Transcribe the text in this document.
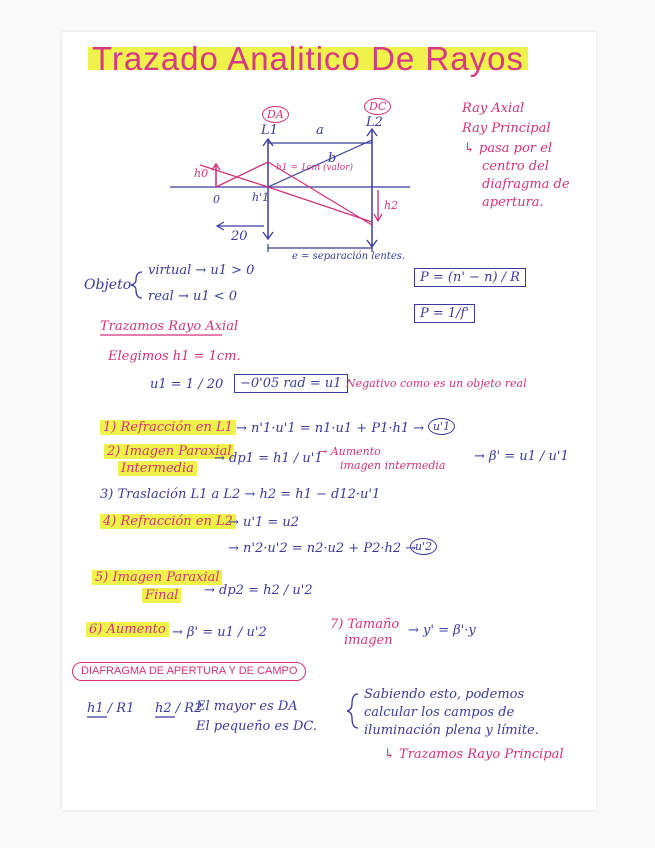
Trazado Analitico De Rayos
DA
DC
L1
L2
a
b
h0
0	h'1
h1 = 1cm (valor)
h2
20
e = separación lentes.
Ray Axial
Ray Principal
↳ pasa por el
centro del
diafragma de
apertura.
Objeto
virtual → u1 > 0
real → u1 < 0
P = (n' − n) / R
P = 1/f'
Trazamos Rayo Axial
Elegimos h1 = 1cm.
u1 = 1 / 20	−0'05 rad = u1 Negativo como es un objeto real
1) Refracción en L1 → n'1·u'1 = n1·u1 + P1·h1 → u'1
2) Imagen Paraxial
Intermedia
→ dp1 = h1 / u'1
→ Aumento
imagen intermedia
→ β' = u1 / u'1
3) Traslación L1 a L2 → h2 = h1 − d12·u'1
4) Refracción en L2
→ u'1 = u2
→ n'2·u'2 = n2·u2 + P2·h2 →
u'2
5) Imagen Paraxial
Final → dp2 = h2 / u'2
6) Aumento → β' = u1 / u'2
7) Tamaño
imagen
→ y' = β'·y
DIAFRAGMA DE APERTURA Y DE CAMPO
h1 / R1 h2 / R2
El mayor es DA
El pequeño es DC.
Sabiendo esto, podemos
calcular los campos de
iluminación plena y límite.
↳ Trazamos Rayo Principal
